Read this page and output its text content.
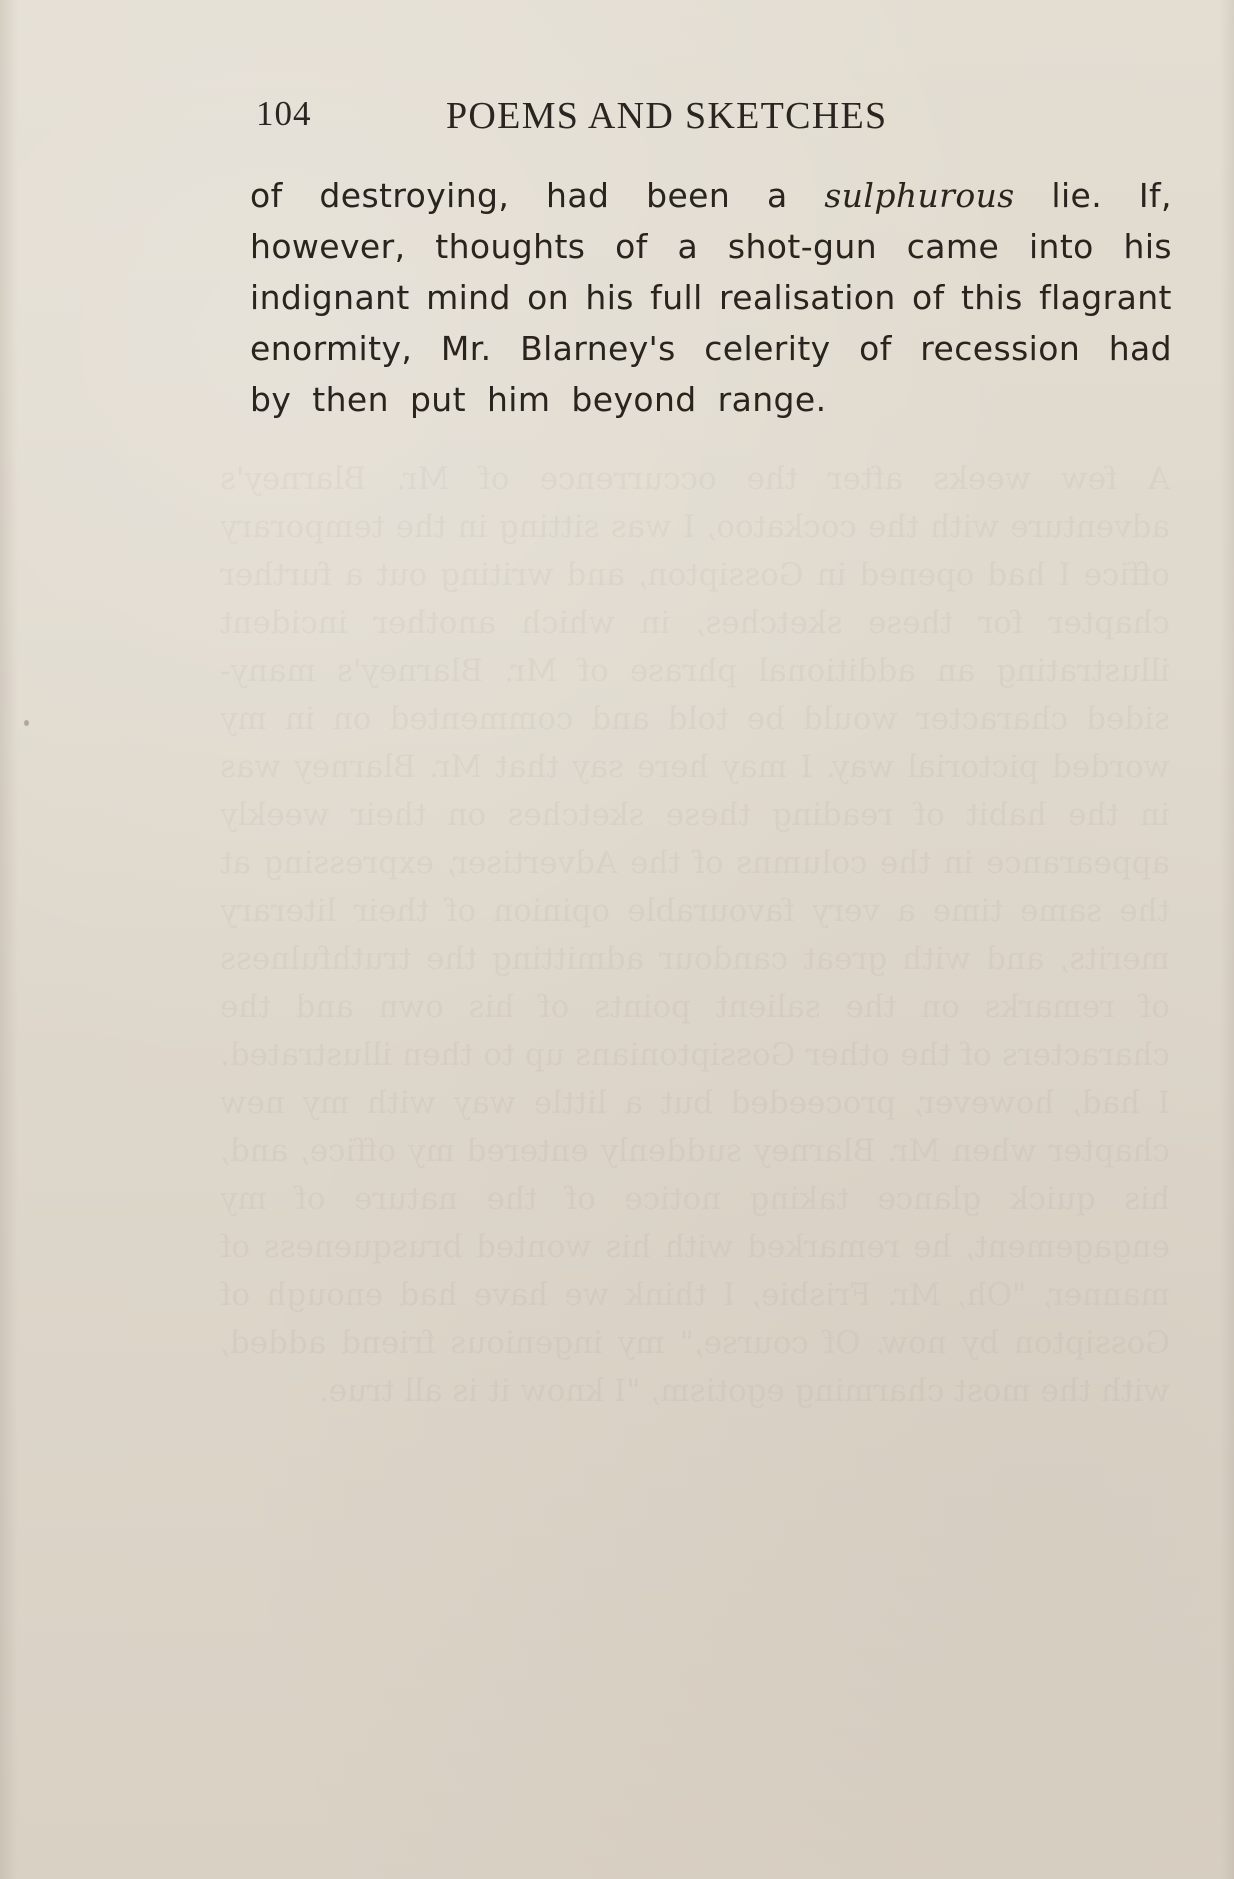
A few weeks after the occurrence of Mr. Blarney's adventure with the cockatoo, I was sitting in the temporary office I had opened in Gossipton, and writing out a further chapter for these sketches, in which another incident illustrating an additional phrase of Mr. Blarney's many-sided character would be told and commented on in my worded pictorial way. I may here say that Mr. Blarney was in the habit of reading these sketches on their weekly appearance in the columns of the Advertiser, expressing at the same time a very favourable opinion of their literary merits, and with great candour admitting the truthfulness of remarks on the salient points of his own and the characters of the other Gossiptonians up to then illustrated. I had, however, proceeded but a little way with my new chapter when Mr. Blarney suddenly entered my office, and, his quick glance taking notice of the nature of my engagement, he remarked with his wonted brusqueness of manner, "Oh, Mr. Frisbie, I think we have had enough of Gossipton by now. Of course," my ingenious friend added, with the most charming egotism, "I know it is all true.
104	POEMS AND SKETCHES
of destroying, had been a sulphurous lie. If,
however, thoughts of a shot-gun came into his
indignant mind on his full realisation of this flagrant
enormity, Mr. Blarney's celerity of recession had
by then put him beyond range.
